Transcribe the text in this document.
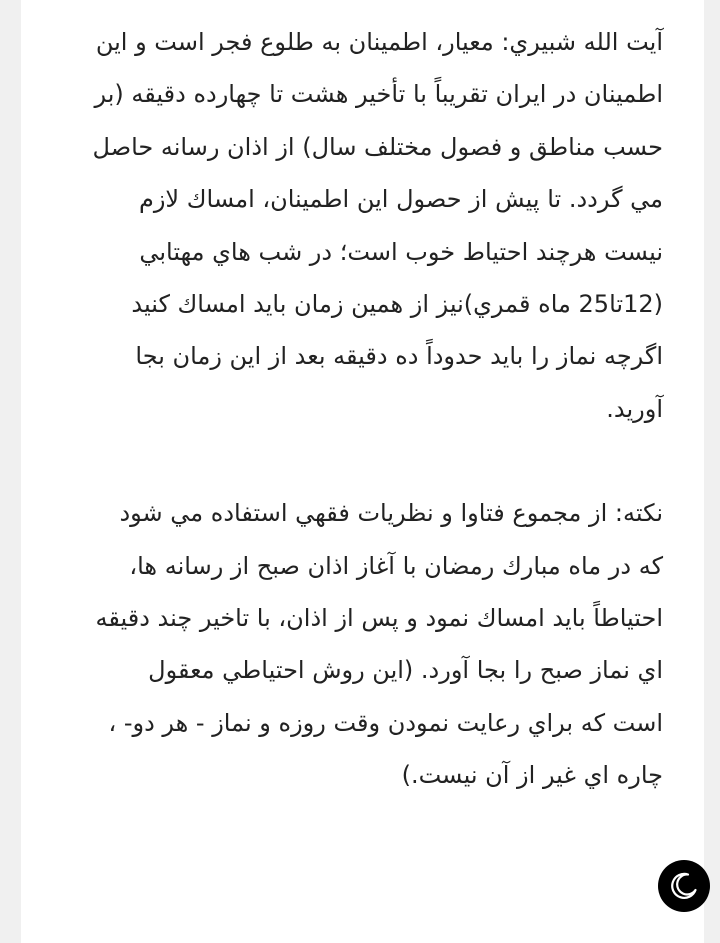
آيت الله شبيري: معيار، اطمينان به طلوع فجر است و اين اطمينان در ايران تقريباً با تأخير هشت تا چهارده دقيقه (بر حسب مناطق و فصول مختلف سال) از اذان رسانه حاصل مي گردد. تا پيش از حصول اين اطمينان، امساك لازم نيست هرچند احتياط خوب است؛ در شب هاي مهتابي (12تا25 ماه قمري)نيز از همين زمان بايد امساك كنيد اگرچه نماز را بايد حدوداً ده دقيقه بعد از اين زمان بجا آوريد.

نكته: از مجموع فتاوا و نظريات فقهي استفاده مي شود كه در ماه مبارك رمضان با آغاز اذان صبح از رسانه ها، احتياطاً بايد امساك نمود و پس از اذان، با تاخير چند دقيقه اي نماز صبح را بجا آورد. (اين روش احتياطي معقول است كه براي رعايت نمودن وقت روزه و نماز - هر دو- ، چاره اي غير از آن نيست.)
